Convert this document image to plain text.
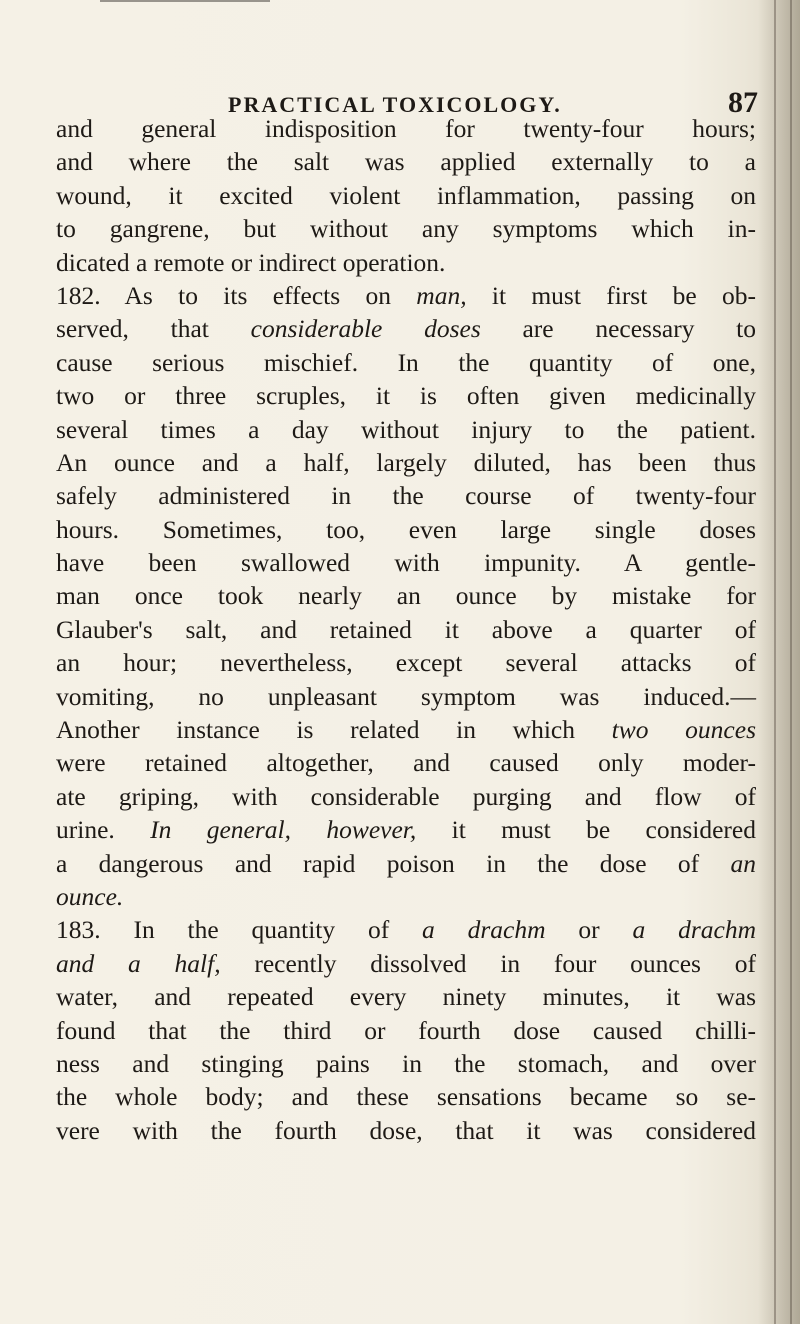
PRACTICAL TOXICOLOGY.	87
and general indisposition for twenty-four hours;
and where the salt was applied externally to a
wound, it excited violent inflammation, passing on
to gangrene, but without any symptoms which in-
dicated a remote or indirect operation.
182. As to its effects on man, it must first be ob-
served, that considerable doses are necessary to
cause serious mischief. In the quantity of one,
two or three scruples, it is often given medicinally
several times a day without injury to the patient.
An ounce and a half, largely diluted, has been thus
safely administered in the course of twenty-four
hours. Sometimes, too, even large single doses
have been swallowed with impunity. A gentle-
man once took nearly an ounce by mistake for
Glauber's salt, and retained it above a quarter of
an hour; nevertheless, except several attacks of
vomiting, no unpleasant symptom was induced.—
Another instance is related in which two ounces
were retained altogether, and caused only moder-
ate griping, with considerable purging and flow of
urine. In general, however, it must be considered
a dangerous and rapid poison in the dose of an
ounce.
183. In the quantity of a drachm or a drachm
and a half, recently dissolved in four ounces of
water, and repeated every ninety minutes, it was
found that the third or fourth dose caused chilli-
ness and stinging pains in the stomach, and over
the whole body; and these sensations became so se-
vere with the fourth dose, that it was considered
